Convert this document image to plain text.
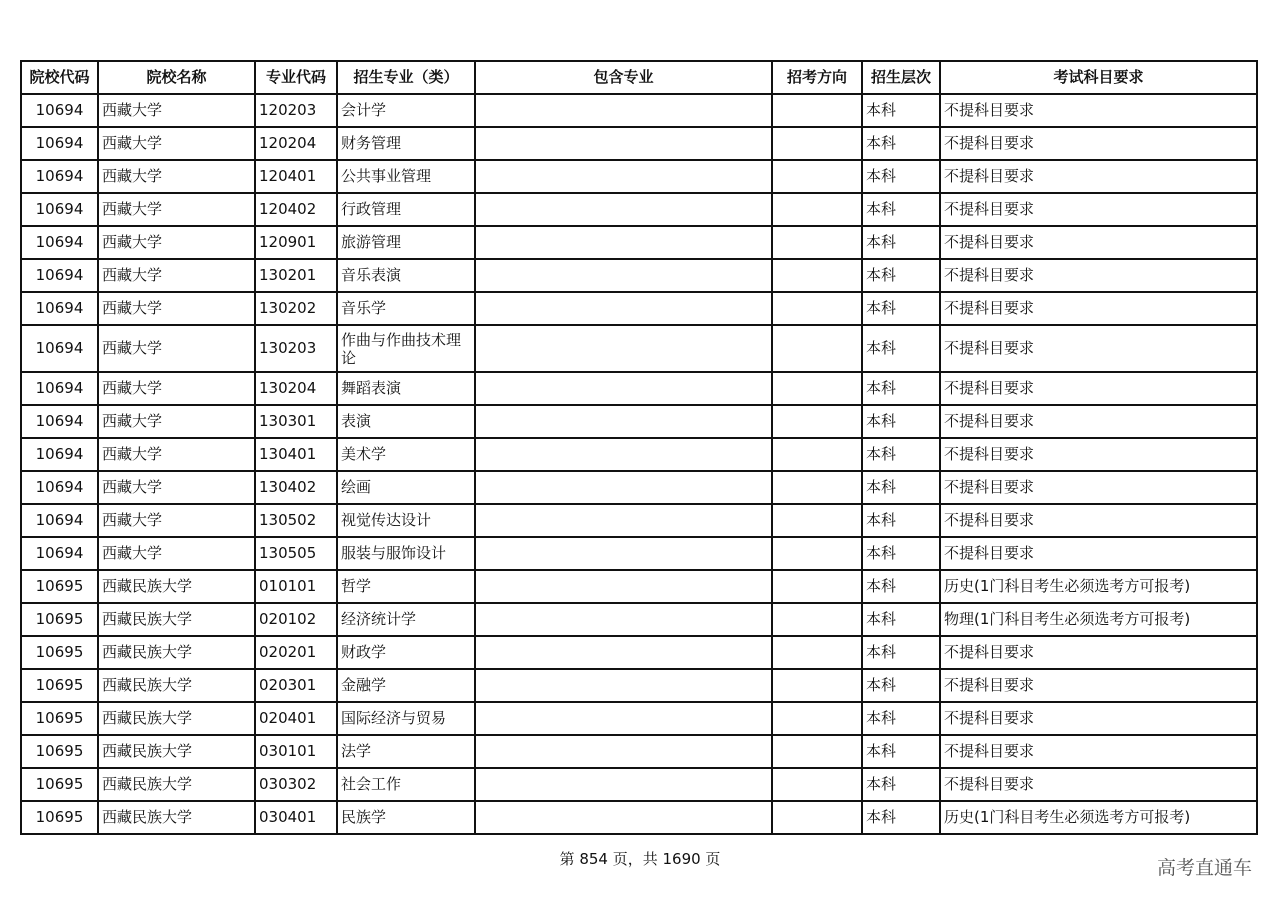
院校代码	院校名称	专业代码	招生专业（类）	包含专业	招考方向	招生层次	考试科目要求
10694	西藏大学	120203	会计学			本科	不提科目要求
10694	西藏大学	120204	财务管理			本科	不提科目要求
10694	西藏大学	120401	公共事业管理			本科	不提科目要求
10694	西藏大学	120402	行政管理			本科	不提科目要求
10694	西藏大学	120901	旅游管理			本科	不提科目要求
10694	西藏大学	130201	音乐表演			本科	不提科目要求
10694	西藏大学	130202	音乐学			本科	不提科目要求
10694	西藏大学	130203	作曲与作曲技术理论			本科	不提科目要求
10694	西藏大学	130204	舞蹈表演			本科	不提科目要求
10694	西藏大学	130301	表演			本科	不提科目要求
10694	西藏大学	130401	美术学			本科	不提科目要求
10694	西藏大学	130402	绘画			本科	不提科目要求
10694	西藏大学	130502	视觉传达设计			本科	不提科目要求
10694	西藏大学	130505	服装与服饰设计			本科	不提科目要求
10695	西藏民族大学	010101	哲学			本科	历史(1门科目考生必须选考方可报考)
10695	西藏民族大学	020102	经济统计学			本科	物理(1门科目考生必须选考方可报考)
10695	西藏民族大学	020201	财政学			本科	不提科目要求
10695	西藏民族大学	020301	金融学			本科	不提科目要求
10695	西藏民族大学	020401	国际经济与贸易			本科	不提科目要求
10695	西藏民族大学	030101	法学			本科	不提科目要求
10695	西藏民族大学	030302	社会工作			本科	不提科目要求
10695	西藏民族大学	030401	民族学			本科	历史(1门科目考生必须选考方可报考)
第 854 页，共 1690 页	高考直通车
